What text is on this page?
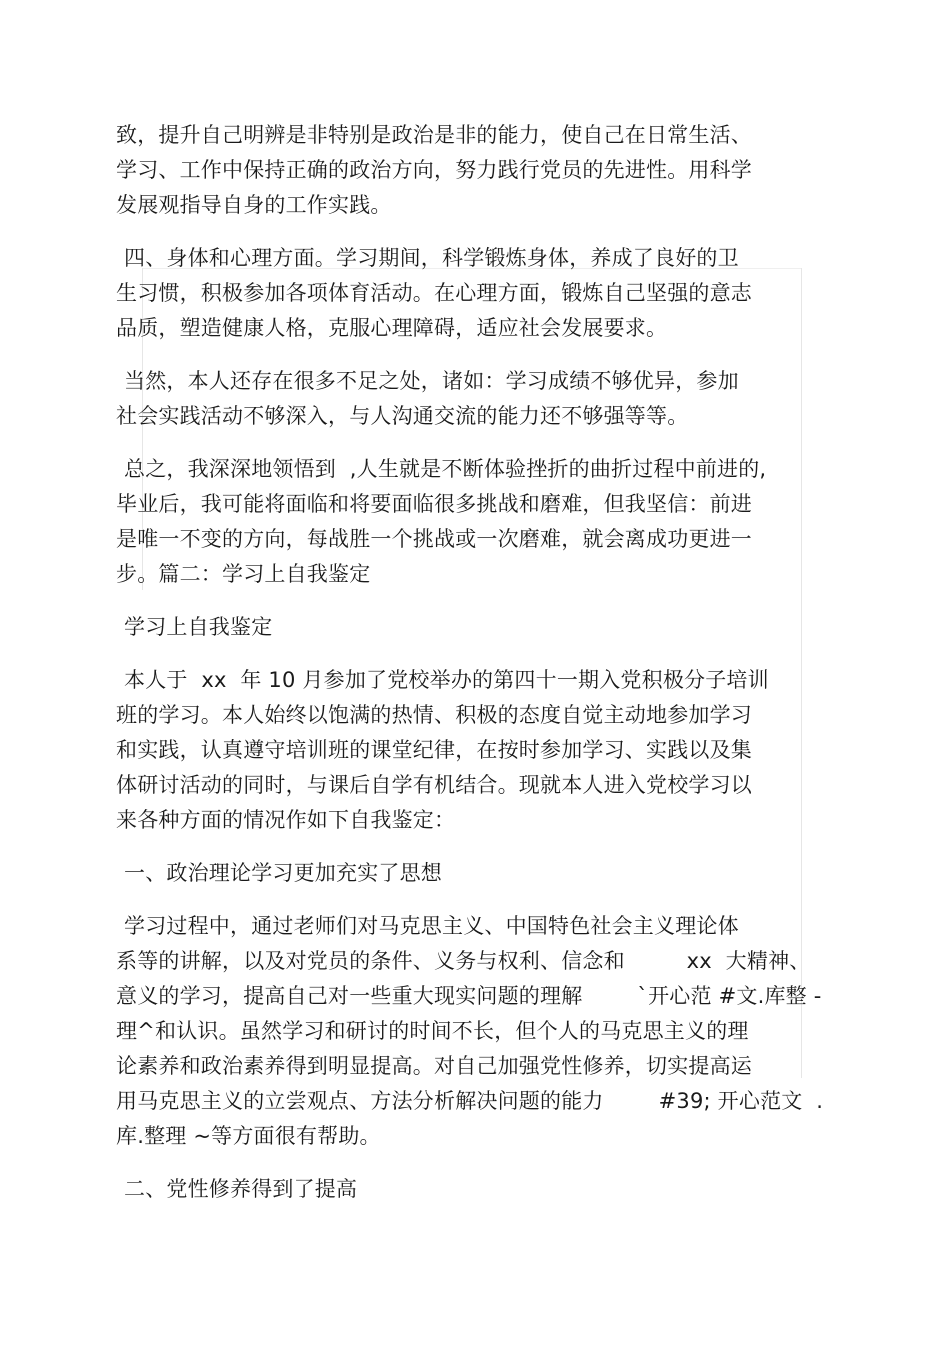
致，提升自己明辨是非特别是政治是非的能力，使自己在日常生活、
学习、工作中保持正确的政治方向，努力践行党员的先进性。用科学
发展观指导自身的工作实践。
四、身体和心理方面。学习期间，科学锻炼身体，养成了良好的卫
生习惯，积极参加各项体育活动。在心理方面，锻炼自己坚强的意志
品质，塑造健康人格，克服心理障碍，适应社会发展要求。
当然，本人还存在很多不足之处，诸如：学习成绩不够优异，参加
社会实践活动不够深入，与人沟通交流的能力还不够强等等。
总之，我深深地领悟到  ,人生就是不断体验挫折的曲折过程中前进的,
毕业后，我可能将面临和将要面临很多挑战和磨难，但我坚信：前进
是唯一不变的方向，每战胜一个挑战或一次磨难，就会离成功更进一
步。篇二：学习上自我鉴定
学习上自我鉴定
本人于  xx  年 10 月参加了党校举办的第四十一期入党积极分子培训
班的学习。本人始终以饱满的热情、积极的态度自觉主动地参加学习
和实践，认真遵守培训班的课堂纪律，在按时参加学习、实践以及集
体研讨活动的同时，与课后自学有机结合。现就本人进入党校学习以
来各种方面的情况作如下自我鉴定：
一、政治理论学习更加充实了思想
学习过程中，通过老师们对马克思主义、中国特色社会主义理论体
系等的讲解，以及对党员的条件、义务与权利、信念和         xx  大精神、
意义的学习，提高自己对一些重大现实问题的理解        `开心范 #文.库整 -
理^和认识。虽然学习和研讨的时间不长，但个人的马克思主义的理
论素养和政治素养得到明显提高。对自己加强党性修养，切实提高运
用马克思主义的立尝观点、方法分析解决问题的能力        #39; 开心范文  .
库.整理 ~等方面很有帮助。
二、党性修养得到了提高
